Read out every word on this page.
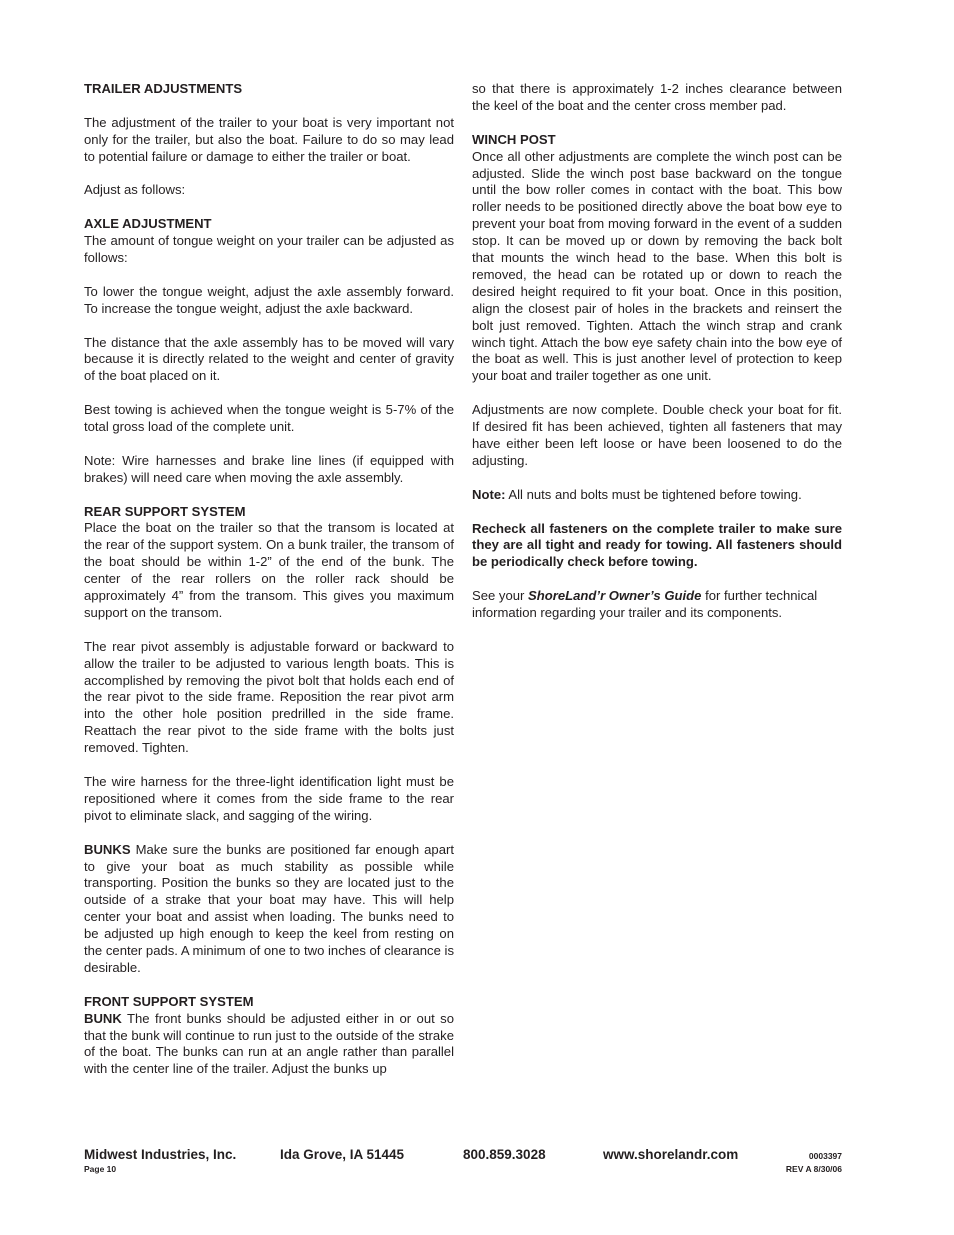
TRAILER ADJUSTMENTS

The adjustment of the trailer to your boat is very important not only for the trailer, but also the boat. Failure to do so may lead to potential failure or damage to either the trailer or boat.

Adjust as follows:

AXLE ADJUSTMENT

The amount of tongue weight on your trailer can be adjusted as follows:

To lower the tongue weight, adjust the axle assembly forward. To increase the tongue weight, adjust the axle backward.

The distance that the axle assembly has to be moved will vary because it is directly related to the weight and center of gravity of the boat placed on it.

Best towing is achieved when the tongue weight is 5-7% of the total gross load of the complete unit.

Note: Wire harnesses and brake line lines (if equipped with brakes) will need care when moving the axle assembly.

REAR SUPPORT SYSTEM

Place the boat on the trailer so that the transom is located at the rear of the support system. On a bunk trailer, the transom of the boat should be within 1-2” of the end of the bunk. The center of the rear rollers on the roller rack should be approximately 4” from the transom. This gives you maximum support on the transom.

The rear pivot assembly is adjustable forward or backward to allow the trailer to be adjusted to various length boats. This is accomplished by removing the pivot bolt that holds each end of the rear pivot to the side frame. Reposition the rear pivot arm into the other hole position predrilled in the side frame. Reattach the rear pivot to the side frame with the bolts just removed. Tighten.

The wire harness for the three-light identification light must be repositioned where it comes from the side frame to the rear pivot to eliminate slack, and sagging of the wiring.

BUNKS Make sure the bunks are positioned far enough apart to give your boat as much stability as possible while transporting. Position the bunks so they are located just to the outside of a strake that your boat may have. This will help center your boat and assist when loading. The bunks need to be adjusted up high enough to keep the keel from resting on the center pads. A minimum of one to two inches of clearance is desirable.

FRONT SUPPORT SYSTEM

BUNK The front bunks should be adjusted either in or out so that the bunk will continue to run just to the outside of the strake of the boat. The bunks can run at an angle rather than parallel with the center line of the trailer. Adjust the bunks up

so that there is approximately 1-2 inches clearance between the keel of the boat and the center cross member pad.

WINCH POST

Once all other adjustments are complete the winch post can be adjusted. Slide the winch post base backward on the tongue until the bow roller comes in contact with the boat. This bow roller needs to be positioned directly above the boat bow eye to prevent your boat from moving forward in the event of a sudden stop. It can be moved up or down by removing the back bolt that mounts the winch head to the base. When this bolt is removed, the head can be rotated up or down to reach the desired height required to fit your boat. Once in this position, align the closest pair of holes in the brackets and reinsert the bolt just removed. Tighten. Attach the winch strap and crank winch tight. Attach the bow eye safety chain into the bow eye of the boat as well. This is just another level of protection to keep your boat and trailer together as one unit.

Adjustments are now complete. Double check your boat for fit. If desired fit has been achieved, tighten all fasteners that may have either been left loose or have been loosened to do the adjusting.

Note: All nuts and bolts must be tightened before towing.

Recheck all fasteners on the complete trailer to make sure they are all tight and ready for towing. All fasteners should be periodically check before towing.

See your ShoreLand’r Owner’s Guide for further technical information regarding your trailer and its components.

Midwest Industries, Inc.	Ida Grove, IA 51445	800.859.3028	www.shorelandr.com
Page 10
0003397
REV A 8/30/06
